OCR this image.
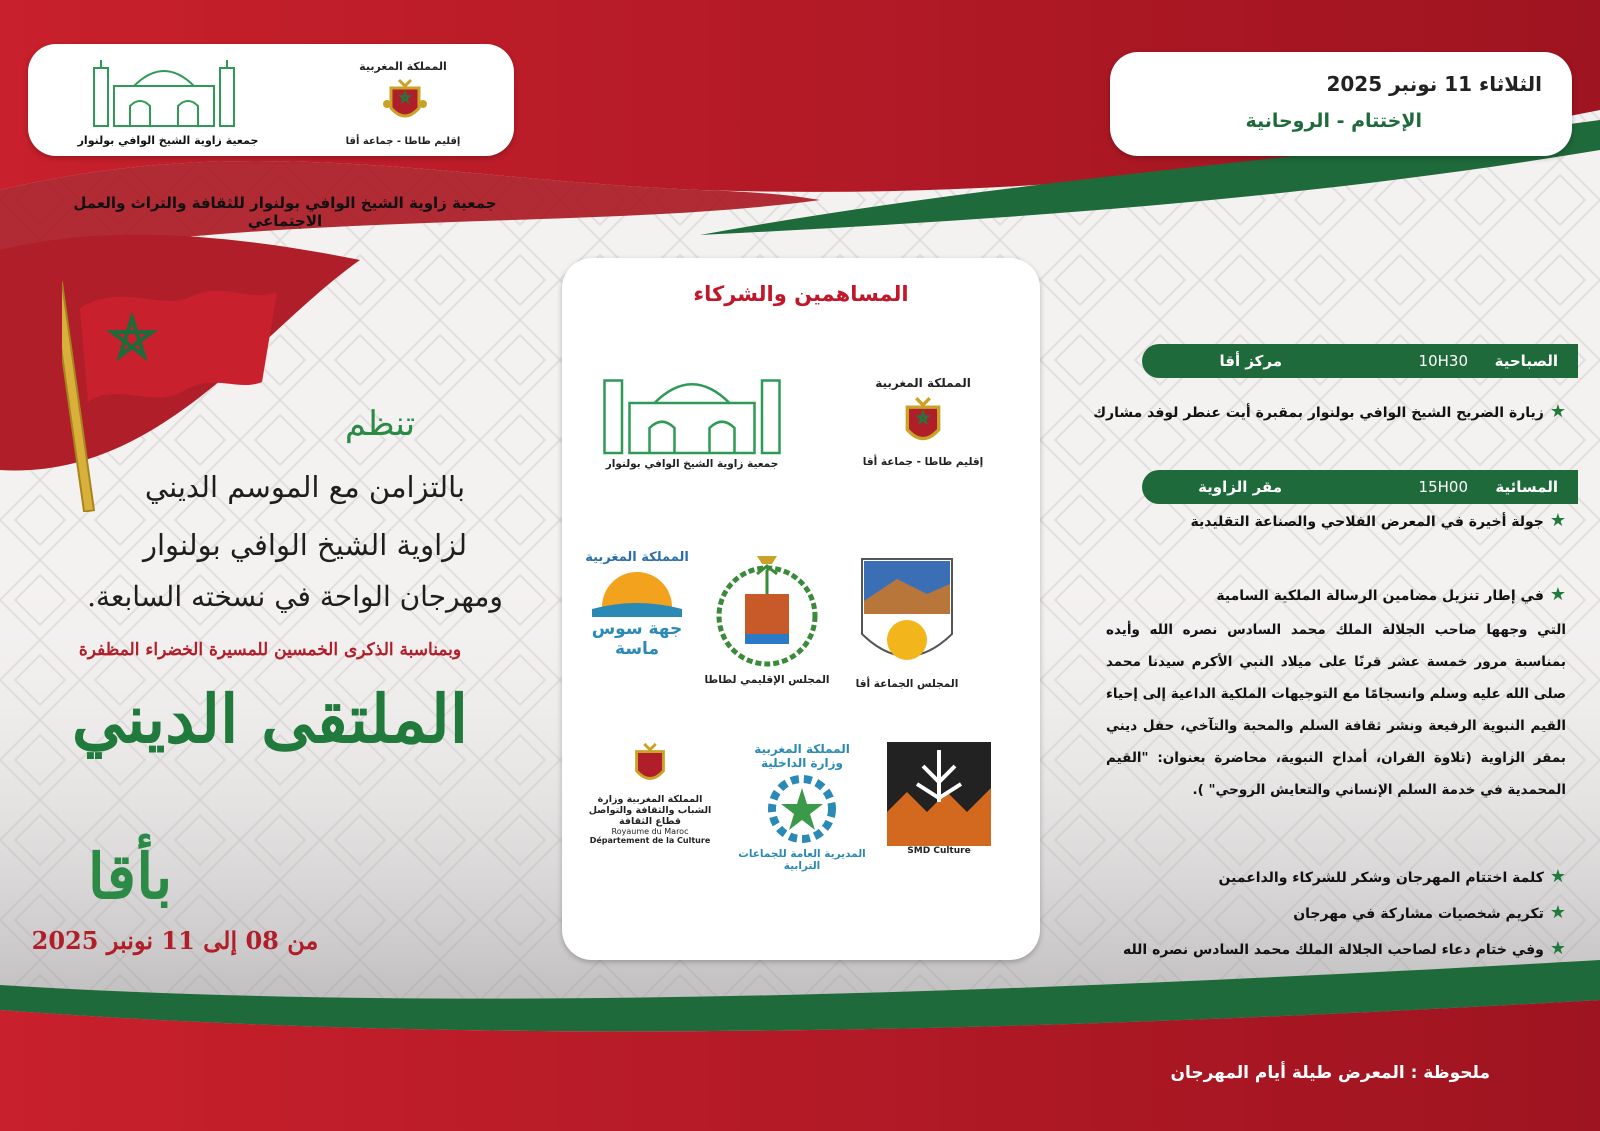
جمعية زاوية الشيخ الوافي بولنوار
المملكة المغربية
إقليم طاطا - جماعة أقا
الثلاثاء 11 نونبر 2025
الإختتام - الروحانية
جمعية زاوية الشيخ الوافي بولنوار للثقافة والتراث والعمل الاجتماعي
تنظم
بالتزامن مع الموسم الديني
لزاوية الشيخ الوافي بولنوار
ومهرجان الواحة في نسخته السابعة.
وبمناسبة الذكرى الخمسين للمسيرة الخضراء المظفرة
الملتقى الديني
بأقا
من 08 إلى 11 نونبر 2025
المساهمين والشركاء
المملكة المغربية
إقليم طاطا - جماعة أقا
جمعية زاوية الشيخ الوافي بولنوار
المجلس الجماعة أقا
المجلس الإقليمي لطاطا
المملكة المغربية
جهة سوس ماسة
SMD Culture
المملكة المغربية
وزارة الداخلية
المديرية العامة للجماعات الترابية
المملكة المغربية وزارة الشباب والثقافة والتواصل قطاع الثقافة
Royaume du Maroc
Département de la Culture
الصباحية
10H30
مركز أقا
★زيارة الضريح الشيخ الوافي بولنوار بمقبرة أيت عنطر لوفد مشارك
المسائية
15H00
مقر الزاوية
★جولة أخيرة في المعرض الفلاحي والصناعة التقليدية
★في إطار تنزيل مضامين الرسالة الملكية السامية
التي وجهها صاحب الجلالة الملك محمد السادس نصره الله وأيده بمناسبة مرور خمسة عشر قرنًا على ميلاد النبي الأكرم سيدنا محمد صلى الله عليه وسلم وانسجامًا مع التوجيهات الملكية الداعية إلى إحياء القيم النبوية الرفيعة ونشر ثقافة السلم والمحبة والتآخي، حفل ديني بمقر الزاوية (تلاوة القران، أمداح النبوية، محاضرة بعنوان: "القيم المحمدية في خدمة السلم الإنساني والتعايش الروحي" ).
★كلمة اختتام المهرجان وشكر للشركاء والداعمين
★تكريم شخصيات مشاركة في مهرجان
★وفي ختام دعاء لصاحب الجلالة الملك محمد السادس نصره الله
ملحوظة : المعرض طيلة أيام المهرجان
